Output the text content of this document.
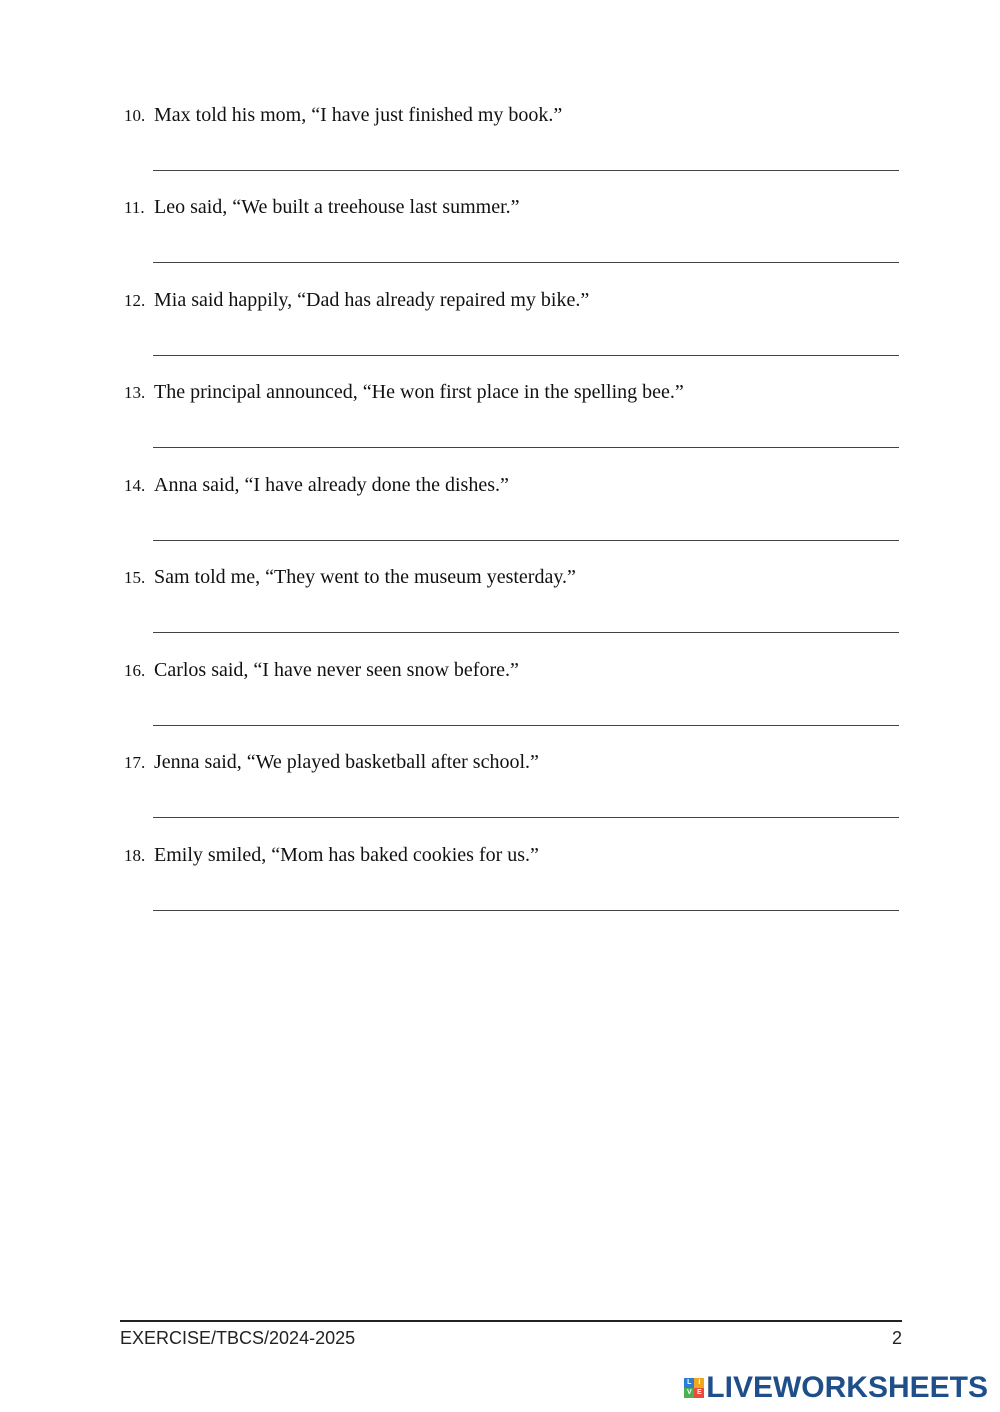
10. Max told his mom, “I have just finished my book.”
11. Leo said, “We built a treehouse last summer.”
12. Mia said happily, “Dad has already repaired my bike.”
13. The principal announced, “He won first place in the spelling bee.”
14. Anna said, “I have already done the dishes.”
15. Sam told me, “They went to the museum yesterday.”
16. Carlos said, “I have never seen snow before.”
17. Jenna said, “We played basketball after school.”
18. Emily smiled, “Mom has baked cookies for us.”
EXERCISE/TBCS/2024-2025	2
L I
V E LIVEWORKSHEETS
